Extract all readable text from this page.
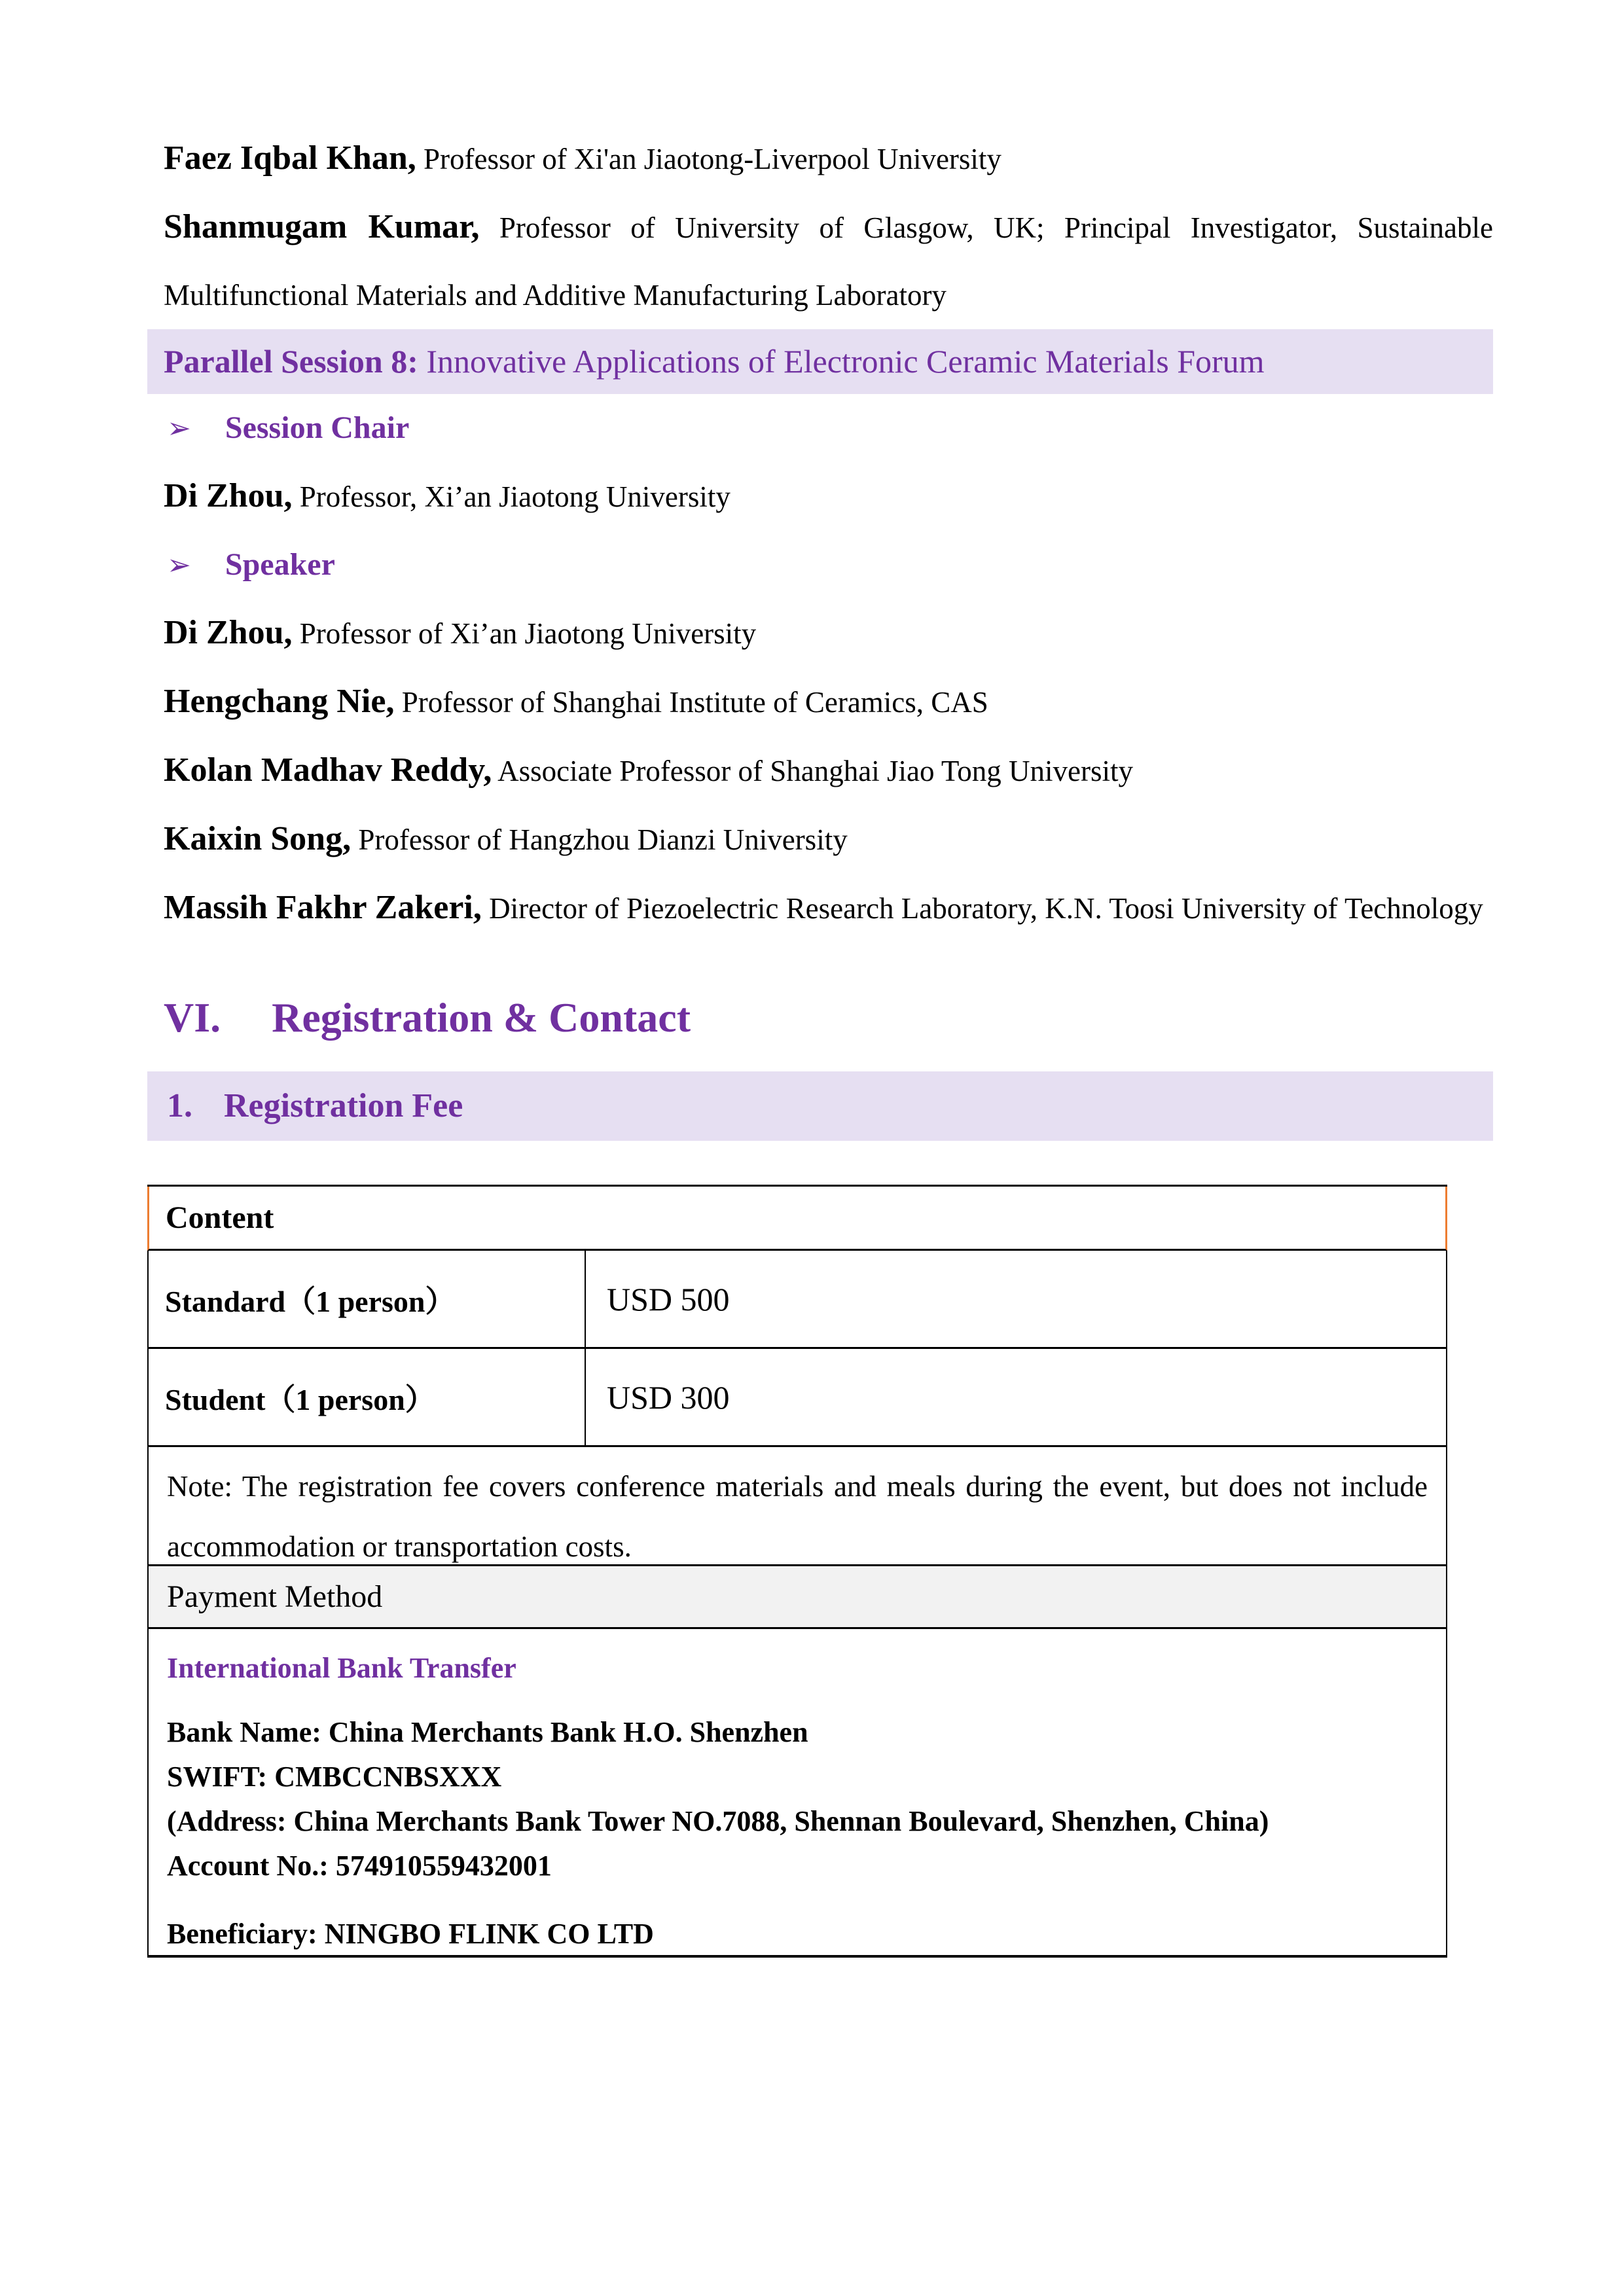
Faez Iqbal Khan, Professor of Xi'an Jiaotong-Liverpool University

Shanmugam Kumar, Professor of University of Glasgow, UK; Principal Investigator, Sustainable Multifunctional Materials and Additive Manufacturing Laboratory

Parallel Session 8: Innovative Applications of Electronic Ceramic Materials Forum
➢ Session Chair

Di Zhou, Professor, Xi’an Jiaotong University

➢ Speaker

Di Zhou, Professor of Xi’an Jiaotong University

Hengchang Nie, Professor of Shanghai Institute of Ceramics, CAS

Kolan Madhav Reddy, Associate Professor of Shanghai Jiao Tong University

Kaixin Song, Professor of Hangzhou Dianzi University

Massih Fakhr Zakeri, Director of Piezoelectric Research Laboratory, K.N. Toosi University of Technology

VI. Registration & Contact
1. Registration Fee
Content
Standard（1 person）	USD 500
Student（1 person）	USD 300
Note: The registration fee covers conference materials and meals during the event, but does not include accommodation or transportation costs.
Payment Method

International Bank Transfer

Bank Name: China Merchants Bank H.O. Shenzhen

SWIFT: CMBCCNBSXXX

(Address: China Merchants Bank Tower NO.7088, Shennan Boulevard, Shenzhen, China)

Account No.: 574910559432001

Beneficiary: NINGBO FLINK CO LTD
